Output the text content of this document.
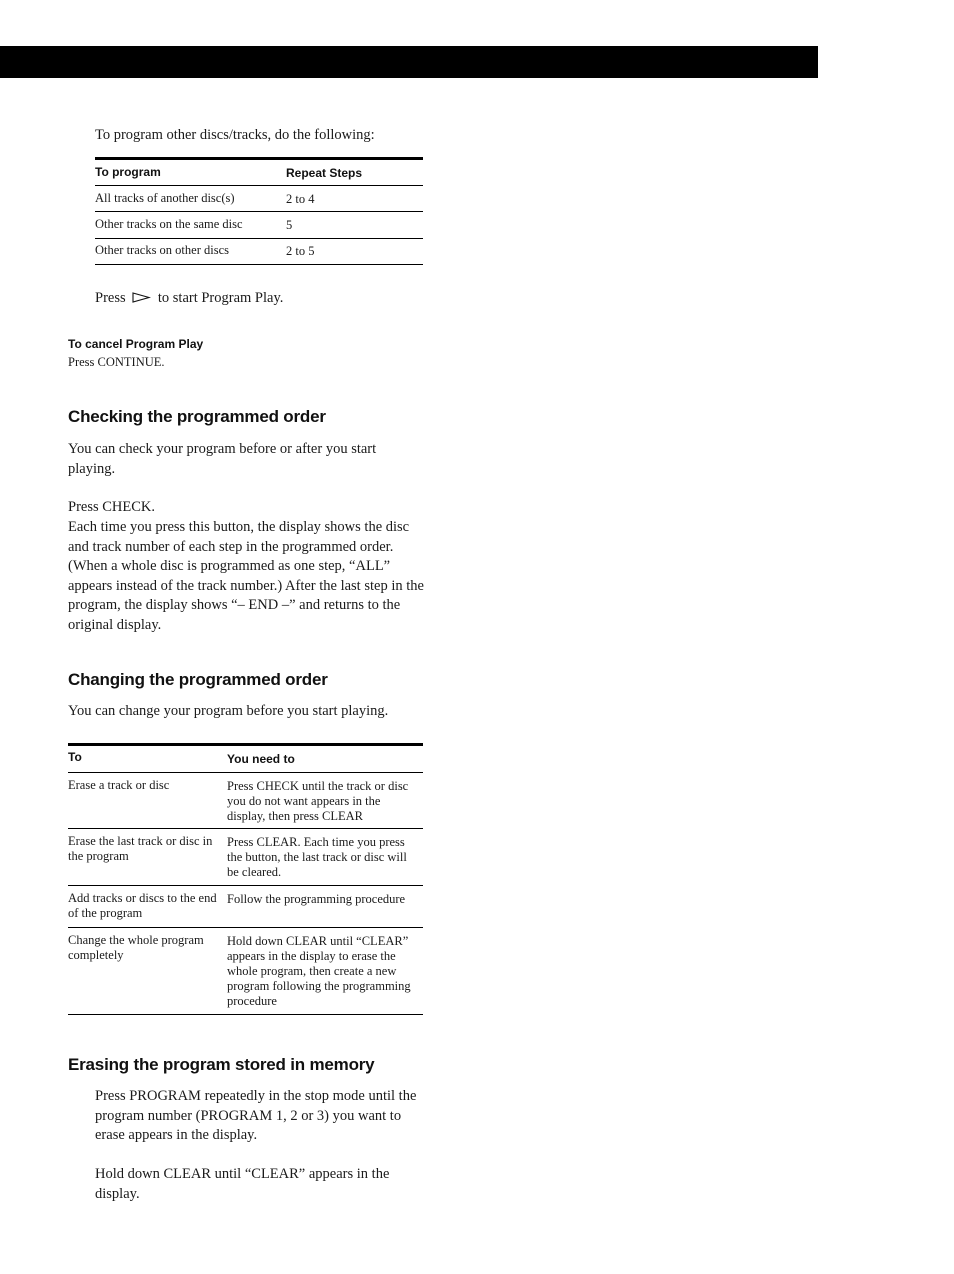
To program other discs/tracks, do the following:
To program	Repeat Steps
All tracks of another disc(s)	2 to 4
Other tracks on the same disc	5
Other tracks on other discs	2 to 5
Press to start Program Play.
To cancel Program Play
Press CONTINUE.
Checking the programmed order
You can check your program before or after you start playing.
Press CHECK.
Each time you press this button, the display shows the disc and track number of each step in the programmed order. (When a whole disc is programmed as one step, “ALL” appears instead of the track number.) After the last step in the program, the display shows “– END –” and returns to the original display.
Changing the programmed order
You can change your program before you start playing.
To	You need to
Erase a track or disc	Press CHECK until the track or disc you do not want appears in the display, then press CLEAR
Erase the last track or disc in the program	Press CLEAR. Each time you press the button, the last track or disc will be cleared.
Add tracks or discs to the end of the program	Follow the programming procedure
Change the whole program completely	Hold down CLEAR until “CLEAR” appears in the display to erase the whole program, then create a new program following the programming procedure
Erasing the program stored in memory
Press PROGRAM repeatedly in the stop mode until the program number (PROGRAM 1, 2 or 3) you want to erase appears in the display.
Hold down CLEAR until “CLEAR” appears in the display.
